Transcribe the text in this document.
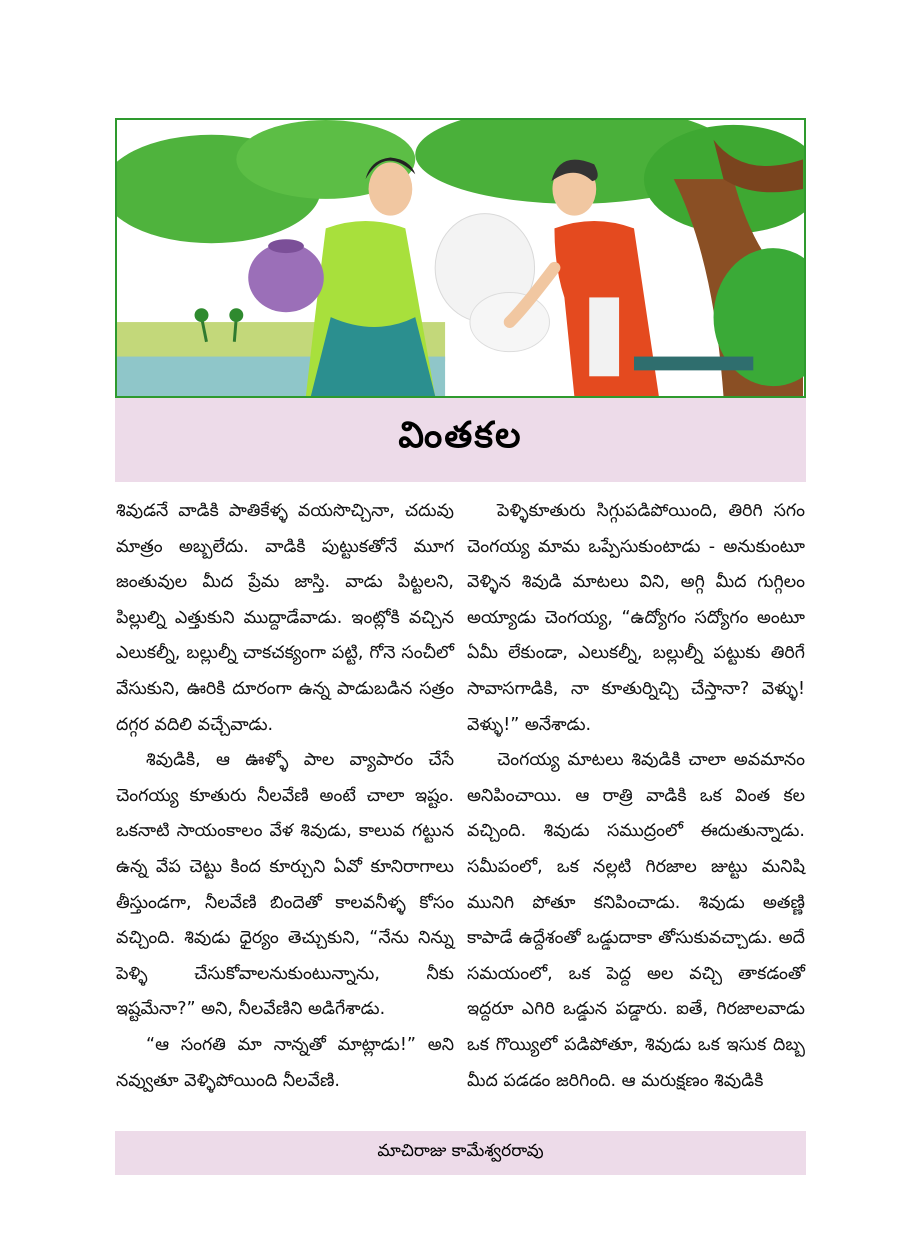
వింతకల

శివుడనే వాడికి పాతికేళ్ళ వయసొచ్చినా, చదువు మాత్రం అబ్బలేదు. వాడికి పుట్టుకతోనే మూగ జంతువుల మీద ప్రేమ జాస్తి. వాడు పిట్టలని, పిల్లుల్ని ఎత్తుకుని ముద్దాడేవాడు. ఇంట్లోకి వచ్చిన ఎలుకల్నీ, బల్లుల్నీ చాకచక్యంగా పట్టి, గోనె సంచీలో వేసుకుని, ఊరికి దూరంగా ఉన్న పాడుబడిన సత్రం దగ్గర వదిలి వచ్చేవాడు.

శివుడికి, ఆ ఊళ్ళో పాల వ్యాపారం చేసే చెంగయ్య కూతురు నీలవేణి అంటే చాలా ఇష్టం. ఒకనాటి సాయంకాలం వేళ శివుడు, కాలువ గట్టున ఉన్న వేప చెట్టు కింద కూర్చుని ఏవో కూనిరాగాలు తీస్తుండగా, నీలవేణి బిందెతో కాలవనీళ్ళ కోసం వచ్చింది. శివుడు ధైర్యం తెచ్చుకుని, “నేను నిన్ను పెళ్ళి చేసుకోవాలనుకుంటున్నాను, నీకు ఇష్టమేనా?” అని, నీలవేణిని అడిగేశాడు.

“ఆ సంగతి మా నాన్నతో మాట్లాడు!” అని నవ్వుతూ వెళ్ళిపోయింది నీలవేణి.

పెళ్ళికూతురు సిగ్గుపడిపోయింది, తిరిగి సగం చెంగయ్య మామ ఒప్పేసుకుంటాడు - అనుకుంటూ వెళ్ళిన శివుడి మాటలు విని, అగ్గి మీద గుగ్గిలం అయ్యాడు చెంగయ్య, “ఉద్యోగం సద్యోగం అంటూ ఏమీ లేకుండా, ఎలుకల్నీ, బల్లుల్నీ పట్టుకు తిరిగే సావాసగాడికి, నా కూతుర్నిచ్చి చేస్తానా? వెళ్ళు! వెళ్ళు!” అనేశాడు.

చెంగయ్య మాటలు శివుడికి చాలా అవమానం అనిపించాయి. ఆ రాత్రి వాడికి ఒక వింత కల వచ్చింది. శివుడు సముద్రంలో ఈదుతున్నాడు. సమీపంలో, ఒక నల్లటి గిరజాల జుట్టు మనిషి మునిగి పోతూ కనిపించాడు. శివుడు అతణ్ణి కాపాడే ఉద్దేశంతో ఒడ్డుదాకా తోసుకువచ్చాడు. అదే సమయంలో, ఒక పెద్ద అల వచ్చి తాకడంతో ఇద్దరూ ఎగిరి ఒడ్డున పడ్డారు. ఐతే, గిరజాలవాడు ఒక గొయ్యిలో పడిపోతూ, శివుడు ఒక ఇసుక దిబ్బ మీద పడడం జరిగింది. ఆ మరుక్షణం శివుడికి

మాచిరాజు కామేశ్వరరావు
